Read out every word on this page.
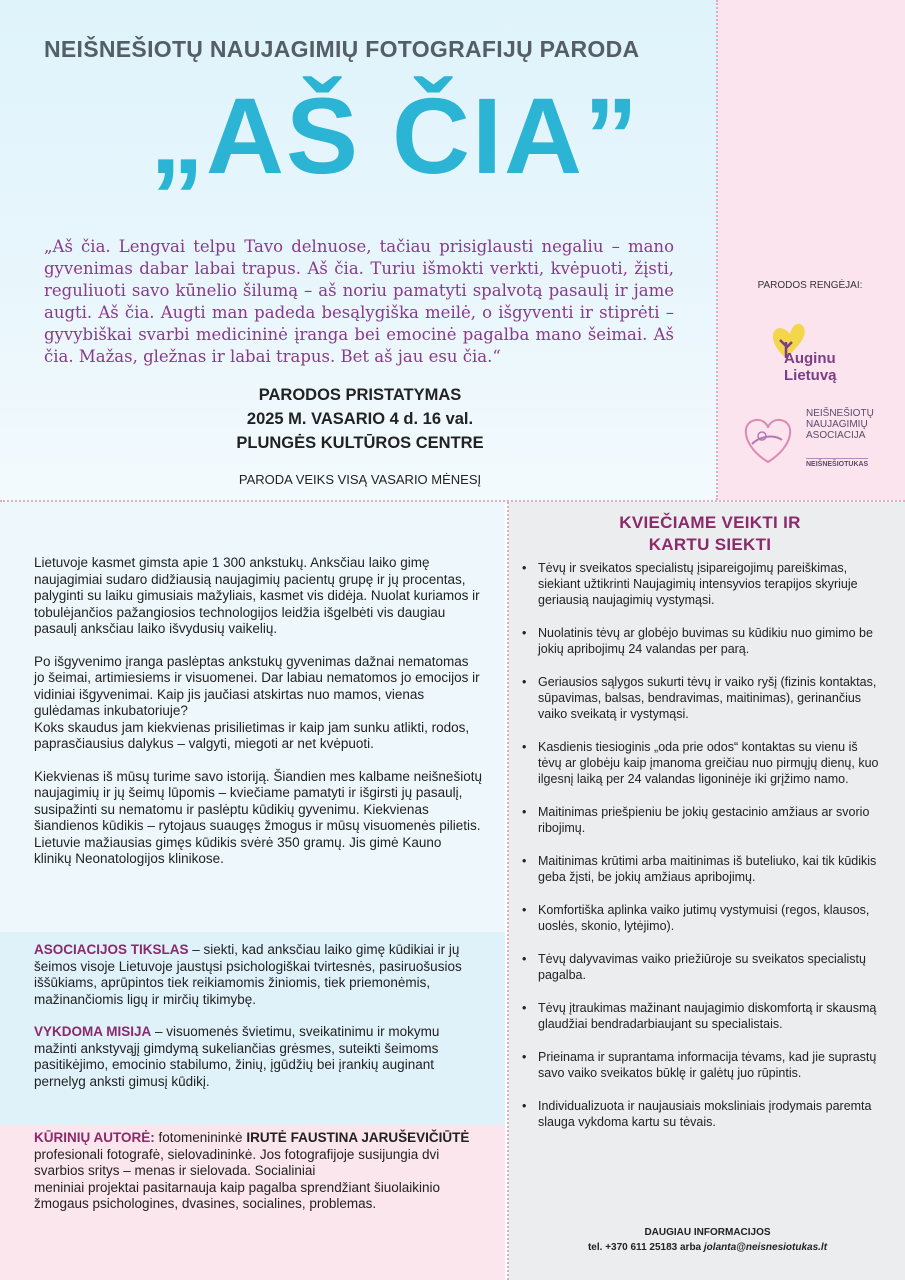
NEIŠNEŠIOTŲ NAUJAGIMIŲ FOTOGRAFIJŲ PARODA
„AŠ ČIA”
„Aš čia. Lengvai telpu Tavo delnuose, tačiau prisiglausti negaliu – mano gyvenimas dabar labai trapus. Aš čia. Turiu išmokti verkti, kvėpuoti, žįsti, reguliuoti savo kūnelio šilumą – aš noriu pamatyti spalvotą pasaulį ir jame augti. Aš čia. Augti man padeda besąlygiška meilė, o išgyventi ir stiprėti – gyvybiškai svarbi medicininė įranga bei emocinė pagalba mano šeimai. Aš čia. Mažas, gležnas ir labai trapus. Bet aš jau esu čia.“
PARODOS PRISTATYMAS
2025 M. VASARIO 4 d. 16 val.
PLUNGĖS KULTŪROS CENTRE
PARODA VEIKS VISĄ VASARIO MĖNESĮ
PARODOS RENGĖJAI:
Auginu
Lietuvą
NEIŠNEŠIOTŲ
NAUJAGIMIŲ
ASOCIACIJA
NEIŠNEŠIOTUKAS

Lietuvoje kasmet gimsta apie 1 300 ankstukų. Anksčiau laiko gimę naujagimiai sudaro didžiausią naujagimių pacientų grupę ir jų procentas, palyginti su laiku gimusiais mažyliais, kasmet vis didėja. Nuolat kuriamos ir tobulėjančios pažangiosios technologijos leidžia išgelbėti vis daugiau pasaulį anksčiau laiko išvydusių vaikelių.

Po išgyvenimo įranga paslėptas ankstukų gyvenimas dažnai nematomas jo šeimai, artimiesiems ir visuomenei. Dar labiau nematomos jo emocijos ir vidiniai išgyvenimai. Kaip jis jaučiasi atskirtas nuo mamos, vienas gulėdamas inkubatoriuje?
Koks skaudus jam kiekvienas prisilietimas ir kaip jam sunku atlikti, rodos, paprasčiausius dalykus – valgyti, miegoti ar net kvėpuoti.

Kiekvienas iš mūsų turime savo istoriją. Šiandien mes kalbame neišnešiotų naujagimių ir jų šeimų lūpomis – kviečiame pamatyti ir išgirsti jų pasaulį, susipažinti su nematomu ir paslėptu kūdikių gyvenimu. Kiekvienas šiandienos kūdikis – rytojaus suaugęs žmogus ir mūsų visuomenės pilietis.
Lietuvie mažiausias gimęs kūdikis svėrė 350 gramų. Jis gimė Kauno klinikų Neonatologijos klinikose.

ASOCIACIJOS TIKSLAS – siekti, kad anksčiau laiko gimę kūdikiai ir jų šeimos visoje Lietuvoje jaustųsi psichologiškai tvirtesnės, pasiruošusios iššūkiams, aprūpintos tiek reikiamomis žiniomis, tiek priemonėmis, mažinančiomis ligų ir mirčių tikimybę.

VYKDOMA MISIJA – visuomenės švietimu, sveikatinimu ir mokymu mažinti ankstyvąjį gimdymą sukeliančias grėsmes, suteikti šeimoms pasitikėjimo, emocinio stabilumo, žinių, įgūdžių bei įrankių auginant pernelyg anksti gimusį kūdikį.

KŪRINIŲ AUTORĖ: fotomenininkė IRUTĖ FAUSTINA JARUŠEVIČIŪTĖ profesionali fotografė, sielovadininkė. Jos fotografijoje susijungia dvi svarbios sritys – menas ir sielovada. Socialiniai
meniniai projektai pasitarnauja kaip pagalba sprendžiant šiuolaikinio žmogaus psichologines, dvasines, socialines, problemas.

KVIEČIAME VEIKTI IR
KARTU SIEKTI
• Tėvų ir sveikatos specialistų įsipareigojimų pareiškimas, siekiant užtikrinti Naujagimių intensyvios terapijos skyriuje geriausią naujagimių vystymąsi.
• Nuolatinis tėvų ar globėjo buvimas su kūdikiu nuo gimimo be jokių apribojimų 24 valandas per parą.
• Geriausios sąlygos sukurti tėvų ir vaiko ryšį (fizinis kontaktas, sūpavimas, balsas, bendravimas, maitinimas), gerinančius vaiko sveikatą ir vystymąsi.
• Kasdienis tiesioginis „oda prie odos“ kontaktas su vienu iš tėvų ar globėju kaip įmanoma greičiau nuo pirmųjų dienų, kuo ilgesnį laiką per 24 valandas ligoninėje iki grįžimo namo.
• Maitinimas priešpieniu be jokių gestacinio amžiaus ar svorio ribojimų.
• Maitinimas krūtimi arba maitinimas iš buteliuko, kai tik kūdikis geba žįsti, be jokių amžiaus apribojimų.
• Komfortiška aplinka vaiko jutimų vystymuisi (regos, klausos, uoslės, skonio, lytėjimo).
• Tėvų dalyvavimas vaiko priežiūroje su sveikatos specialistų pagalba.
• Tėvų įtraukimas mažinant naujagimio diskomfortą ir skausmą glaudžiai bendradarbiaujant su specialistais.
• Prieinama ir suprantama informacija tėvams, kad jie suprastų savo vaiko sveikatos būklę ir galėtų juo rūpintis.
• Individualizuota ir naujausiais moksliniais įrodymais paremta slauga vykdoma kartu su tėvais.
DAUGIAU INFORMACIJOS
tel. +370 611 25183 arba jolanta@neisnesiotukas.lt
